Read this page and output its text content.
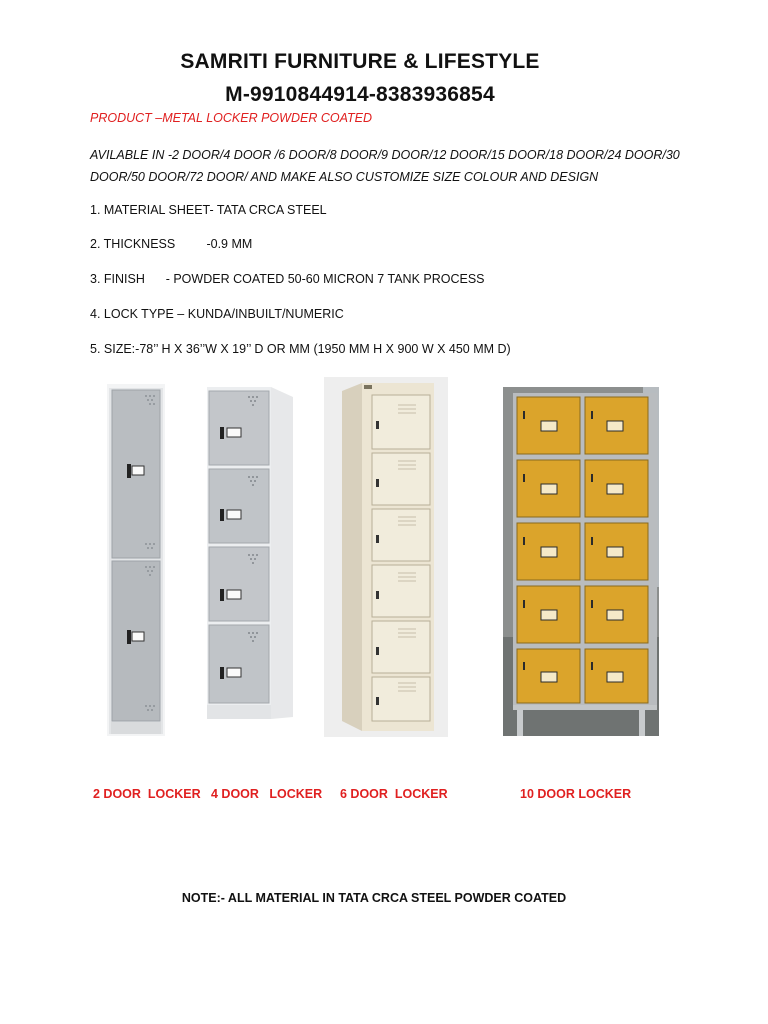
SAMRITI FURNITURE & LIFESTYLE
M-9910844914-8383936854
PRODUCT –METAL LOCKER POWDER COATED
AVILABLE IN -2 DOOR/4 DOOR /6 DOOR/8 DOOR/9 DOOR/12 DOOR/15 DOOR/18 DOOR/24 DOOR/30 DOOR/50 DOOR/72 DOOR/ AND MAKE ALSO CUSTOMIZE SIZE COLOUR AND DESIGN
1. MATERIAL SHEET- TATA CRCA STEEL
2. THICKNESS         -0.9 MM
3. FINISH      - POWDER COATED 50-60 MICRON 7 TANK PROCESS
4. LOCK TYPE – KUNDA/INBUILT/NUMERIC
5. SIZE:-78’’ H X 36’’W X 19’’ D OR MM (1950 MM H X 900 W X 450 MM D)
2 DOOR  LOCKER 4 DOOR   LOCKER 6 DOOR  LOCKER	10 DOOR LOCKER
NOTE:- ALL MATERIAL IN TATA CRCA STEEL POWDER COATED
